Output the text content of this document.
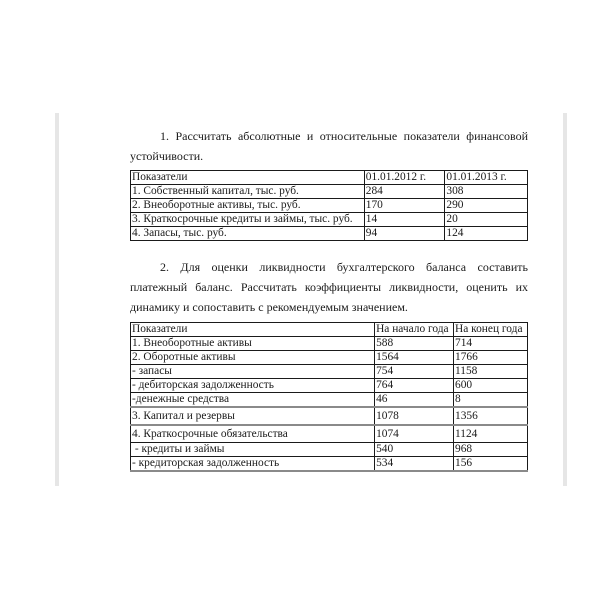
1. Рассчитать абсолютные и относительные показатели финансовой
устойчивости.

Показатели	01.01.2012 г.	01.01.2013 г.
1. Собственный капитал, тыс. руб.	284	308
2. Внеоборотные активы, тыс. руб.	170	290
3. Краткосрочные кредиты и займы, тыс. руб.	14	20
4. Запасы, тыс. руб.	94	124

2. Для оценки ликвидности бухгалтерского баланса составить
платежный баланс. Рассчитать коэффициенты ликвидности, оценить их
динамику и сопоставить с рекомендуемым значением.

Показатели	На начало года	На конец года
1. Внеоборотные активы	588	714
2. Оборотные активы	1564	1766
- запасы	754	1158
- дебиторская задолженность	764	600
-денежные средства	46	8
3. Капитал и резервы	1078	1356
4. Краткосрочные обязательства	1074	1124
- кредиты и займы	540	968
- кредиторская задолженность	534	156
